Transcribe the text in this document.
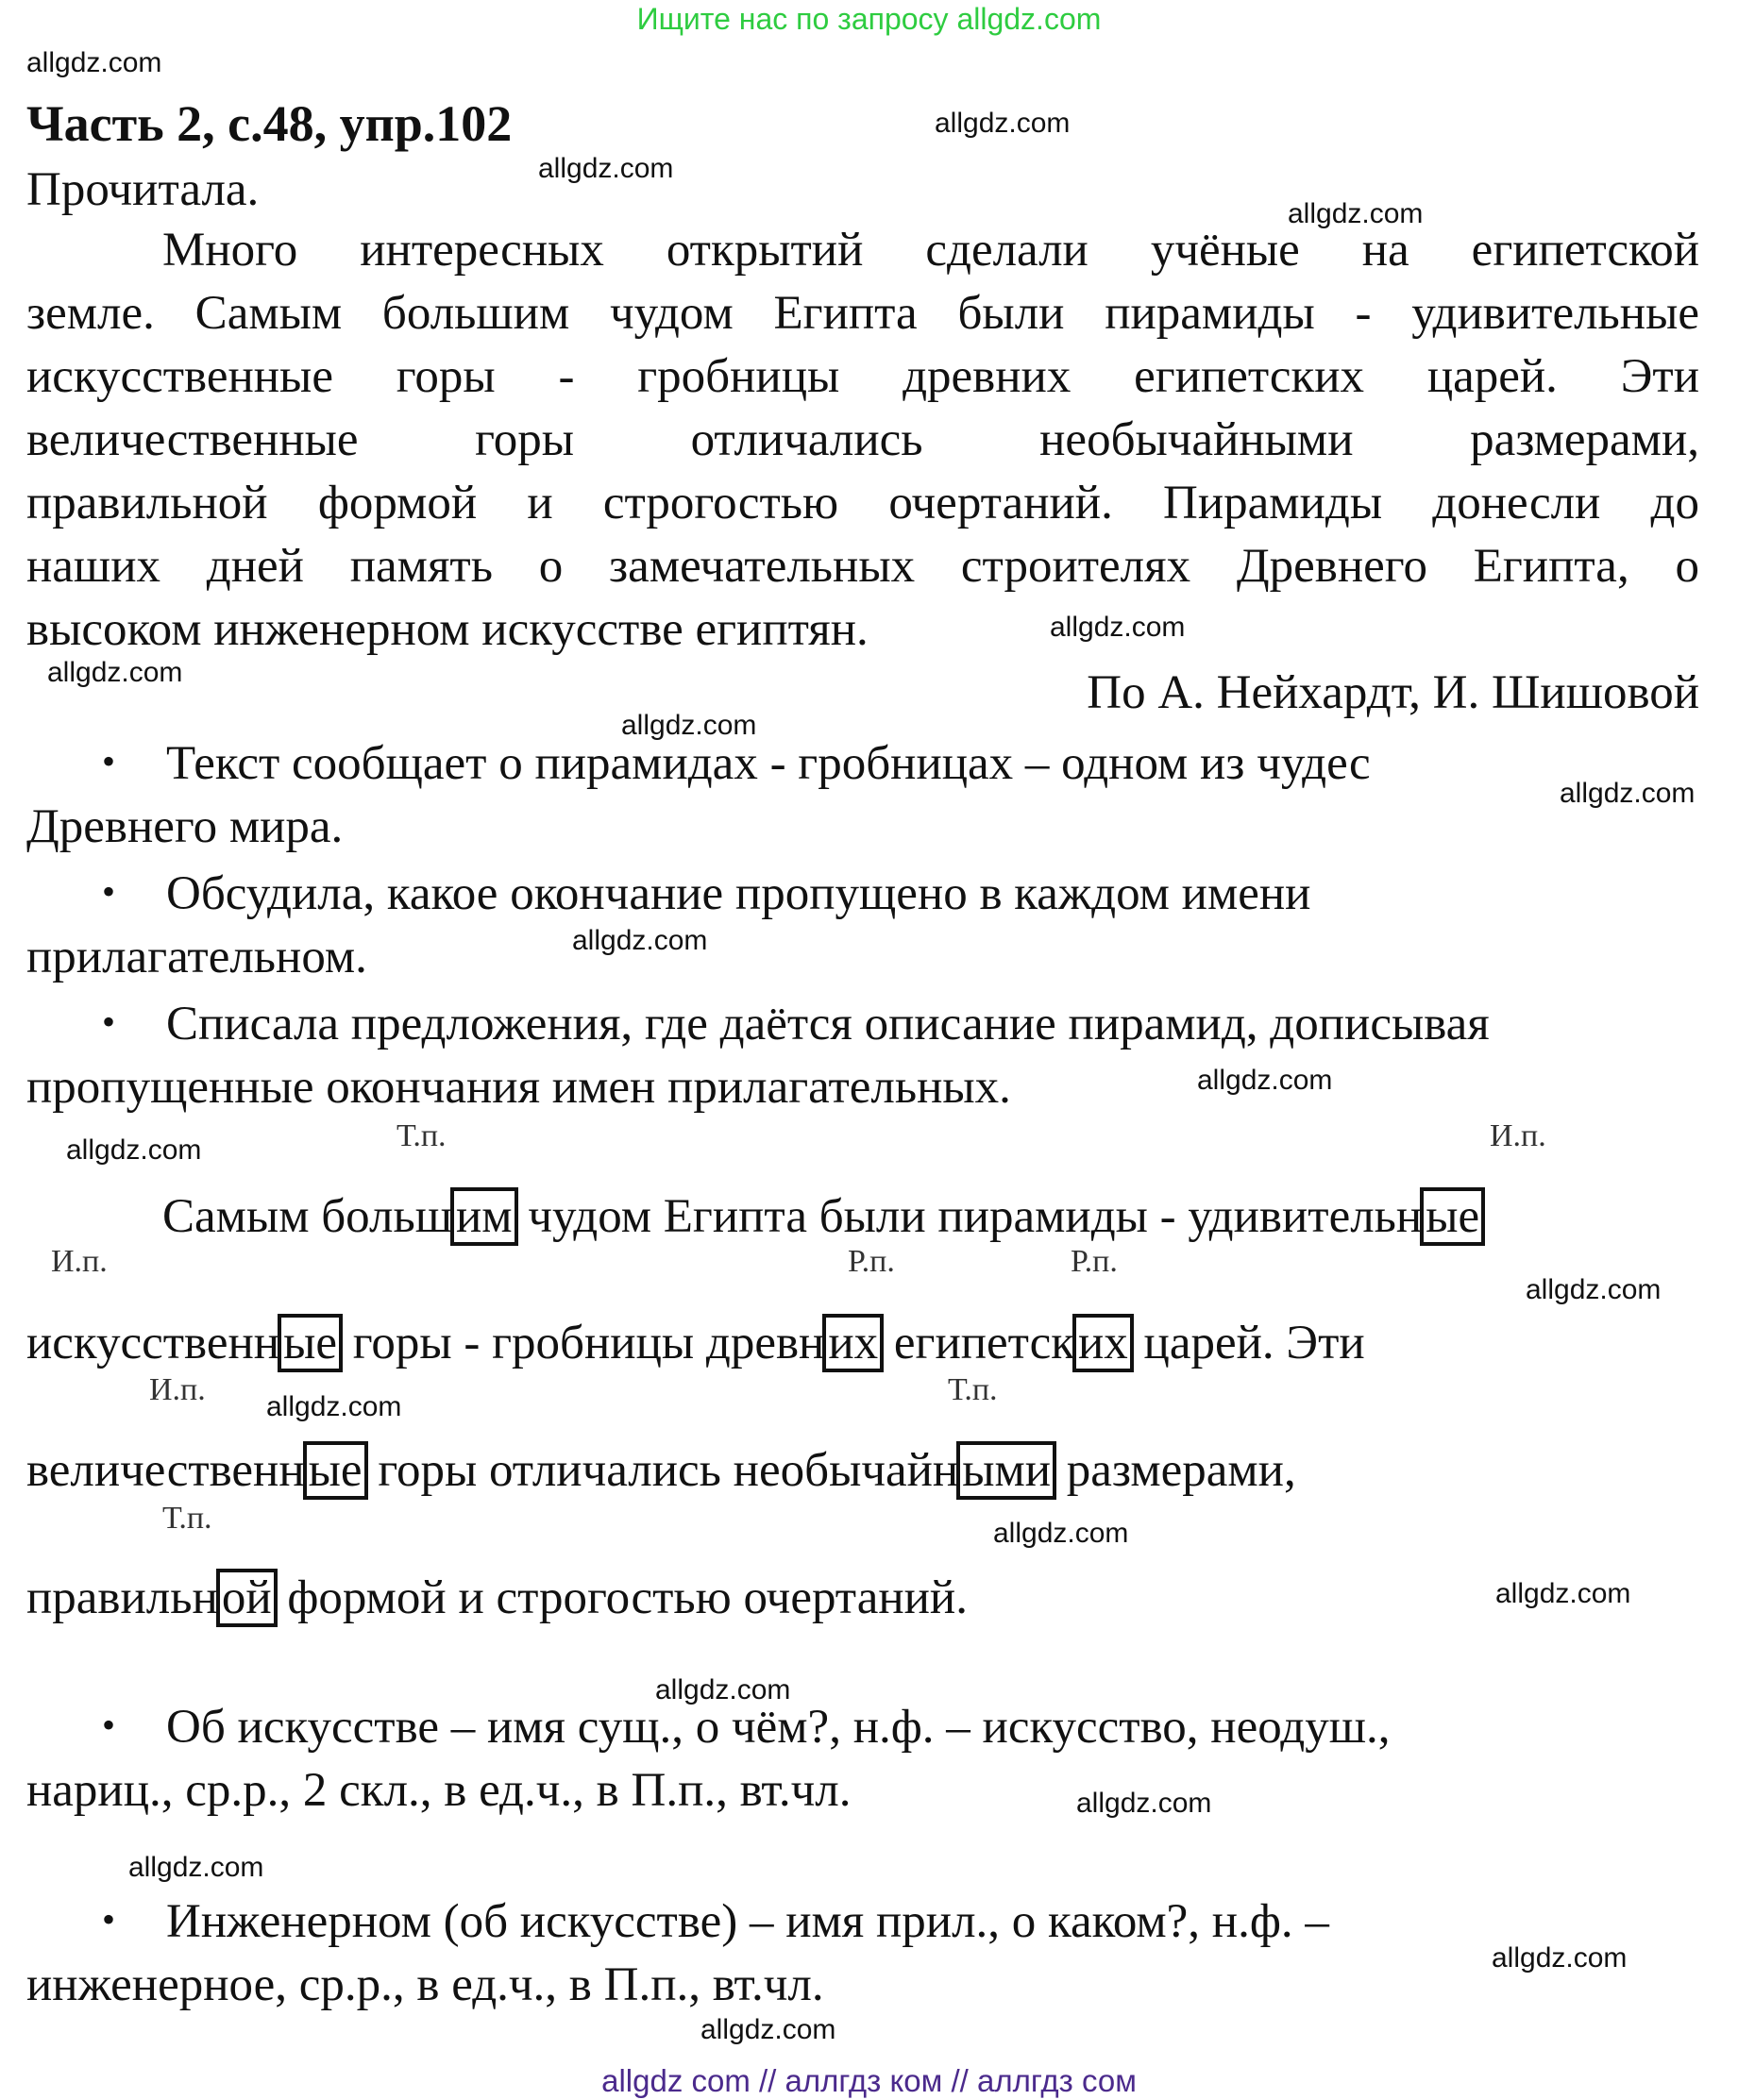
Ищите нас по запросу allgdz.com
Часть 2, с.48, упр.102
Прочитала.
Много интересных открытий сделали учёные на египетской
земле. Самым большим чудом Египта были пирамиды - удивительные
искусственные горы - гробницы древних египетских царей. Эти
величественные горы отличались необычайными размерами,
правильной формой и строгостью очертаний. Пирамиды донесли до
наших дней память о замечательных строителях Древнего Египта, о
высоком инженерном искусстве египтян.
По А. Нейхардт, И. Шишовой
• Текст сообщает о пирамидах - гробницах – одном из чудес
Древнего мира.
• Обсудила, какое окончание пропущено в каждом имени
прилагательном.
• Списала предложения, где даётся описание пирамид, дописывая
пропущенные окончания имен прилагательных.
Т.п.	И.п.
Самым большим чудом Египта были пирамиды - удивительные
И.п.	Р.п.	Р.п.
искусственные горы - гробницы древних египетских царей. Эти
И.п.	Т.п.
величественные горы отличались необычайными размерами,
Т.п.
правильной формой и строгостью очертаний.
• Об искусстве – имя сущ., о чём?, н.ф. – искусство, неодуш.,
нариц., ср.р., 2 скл., в ед.ч., в П.п., вт.чл.
• Инженерном (об искусстве) – имя прил., о каком?, н.ф. –
инженерное, ср.р., в ед.ч., в П.п., вт.чл.
allgdz.com
allgdz.com
allgdz.com
allgdz.com
allgdz.com
allgdz.com
allgdz.com
allgdz.com
allgdz.com
allgdz.com
allgdz.com
allgdz.com
allgdz.com
allgdz.com
allgdz.com
allgdz.com
allgdz.com
allgdz.com
allgdz.com
allgdz.com
allgdz com // аллгдз ком // аллгдз сом
